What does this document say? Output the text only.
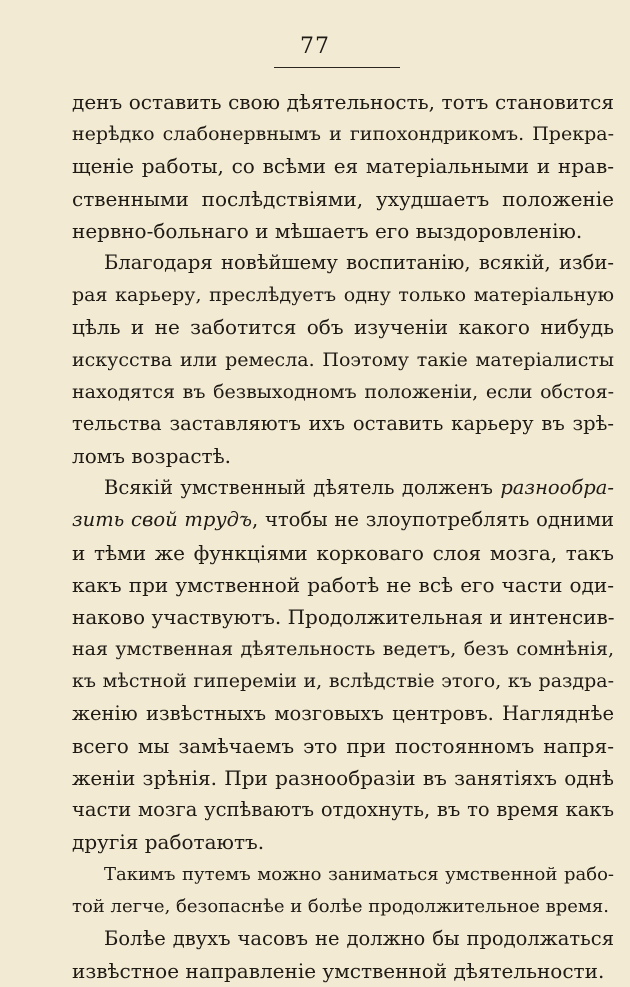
77
денъ оставить свою дѣятельность, тотъ становится
нерѣдко слабонервнымъ и гипохондрикомъ. Прекра-
щеніе работы, со всѣми ея матеріальными и нрав-
ственными послѣдствіями, ухудшаетъ положеніе
нервно-больнаго и мѣшаетъ его выздоровленію.
Благодаря новѣйшему воспитанію, всякій, изби-
рая карьеру, преслѣдуетъ одну только матеріальную
цѣль и не заботится объ изученіи какого нибудь
искусства или ремесла. Поэтому такіе матеріалисты
находятся въ безвыходномъ положеніи, если обстоя-
тельства заставляютъ ихъ оставить карьеру въ зрѣ-
ломъ возрастѣ.
Всякій умственный дѣятель долженъ разнообра-
зить свой трудъ, чтобы не злоупотреблять одними
и тѣми же функціями корковаго слоя мозга, такъ
какъ при умственной работѣ не всѣ его части оди-
наково участвуютъ. Продолжительная и интенсив-
ная умственная дѣятельность ведетъ, безъ сомнѣнія,
къ мѣстной гипереміи и, вслѣдствіе этого, къ раздра-
женію извѣстныхъ мозговыхъ центровъ. Нагляднѣе
всего мы замѣчаемъ это при постоянномъ напря-
женіи зрѣнія. При разнообразіи въ занятіяхъ однѣ
части мозга успѣваютъ отдохнуть, въ то время какъ
другія работаютъ.
Такимъ путемъ можно заниматься умственной рабо-
той легче, безопаснѣе и болѣе продолжительное время.
Болѣе двухъ часовъ не должно бы продолжаться
извѣстное направленіе умственной дѣятельности.
